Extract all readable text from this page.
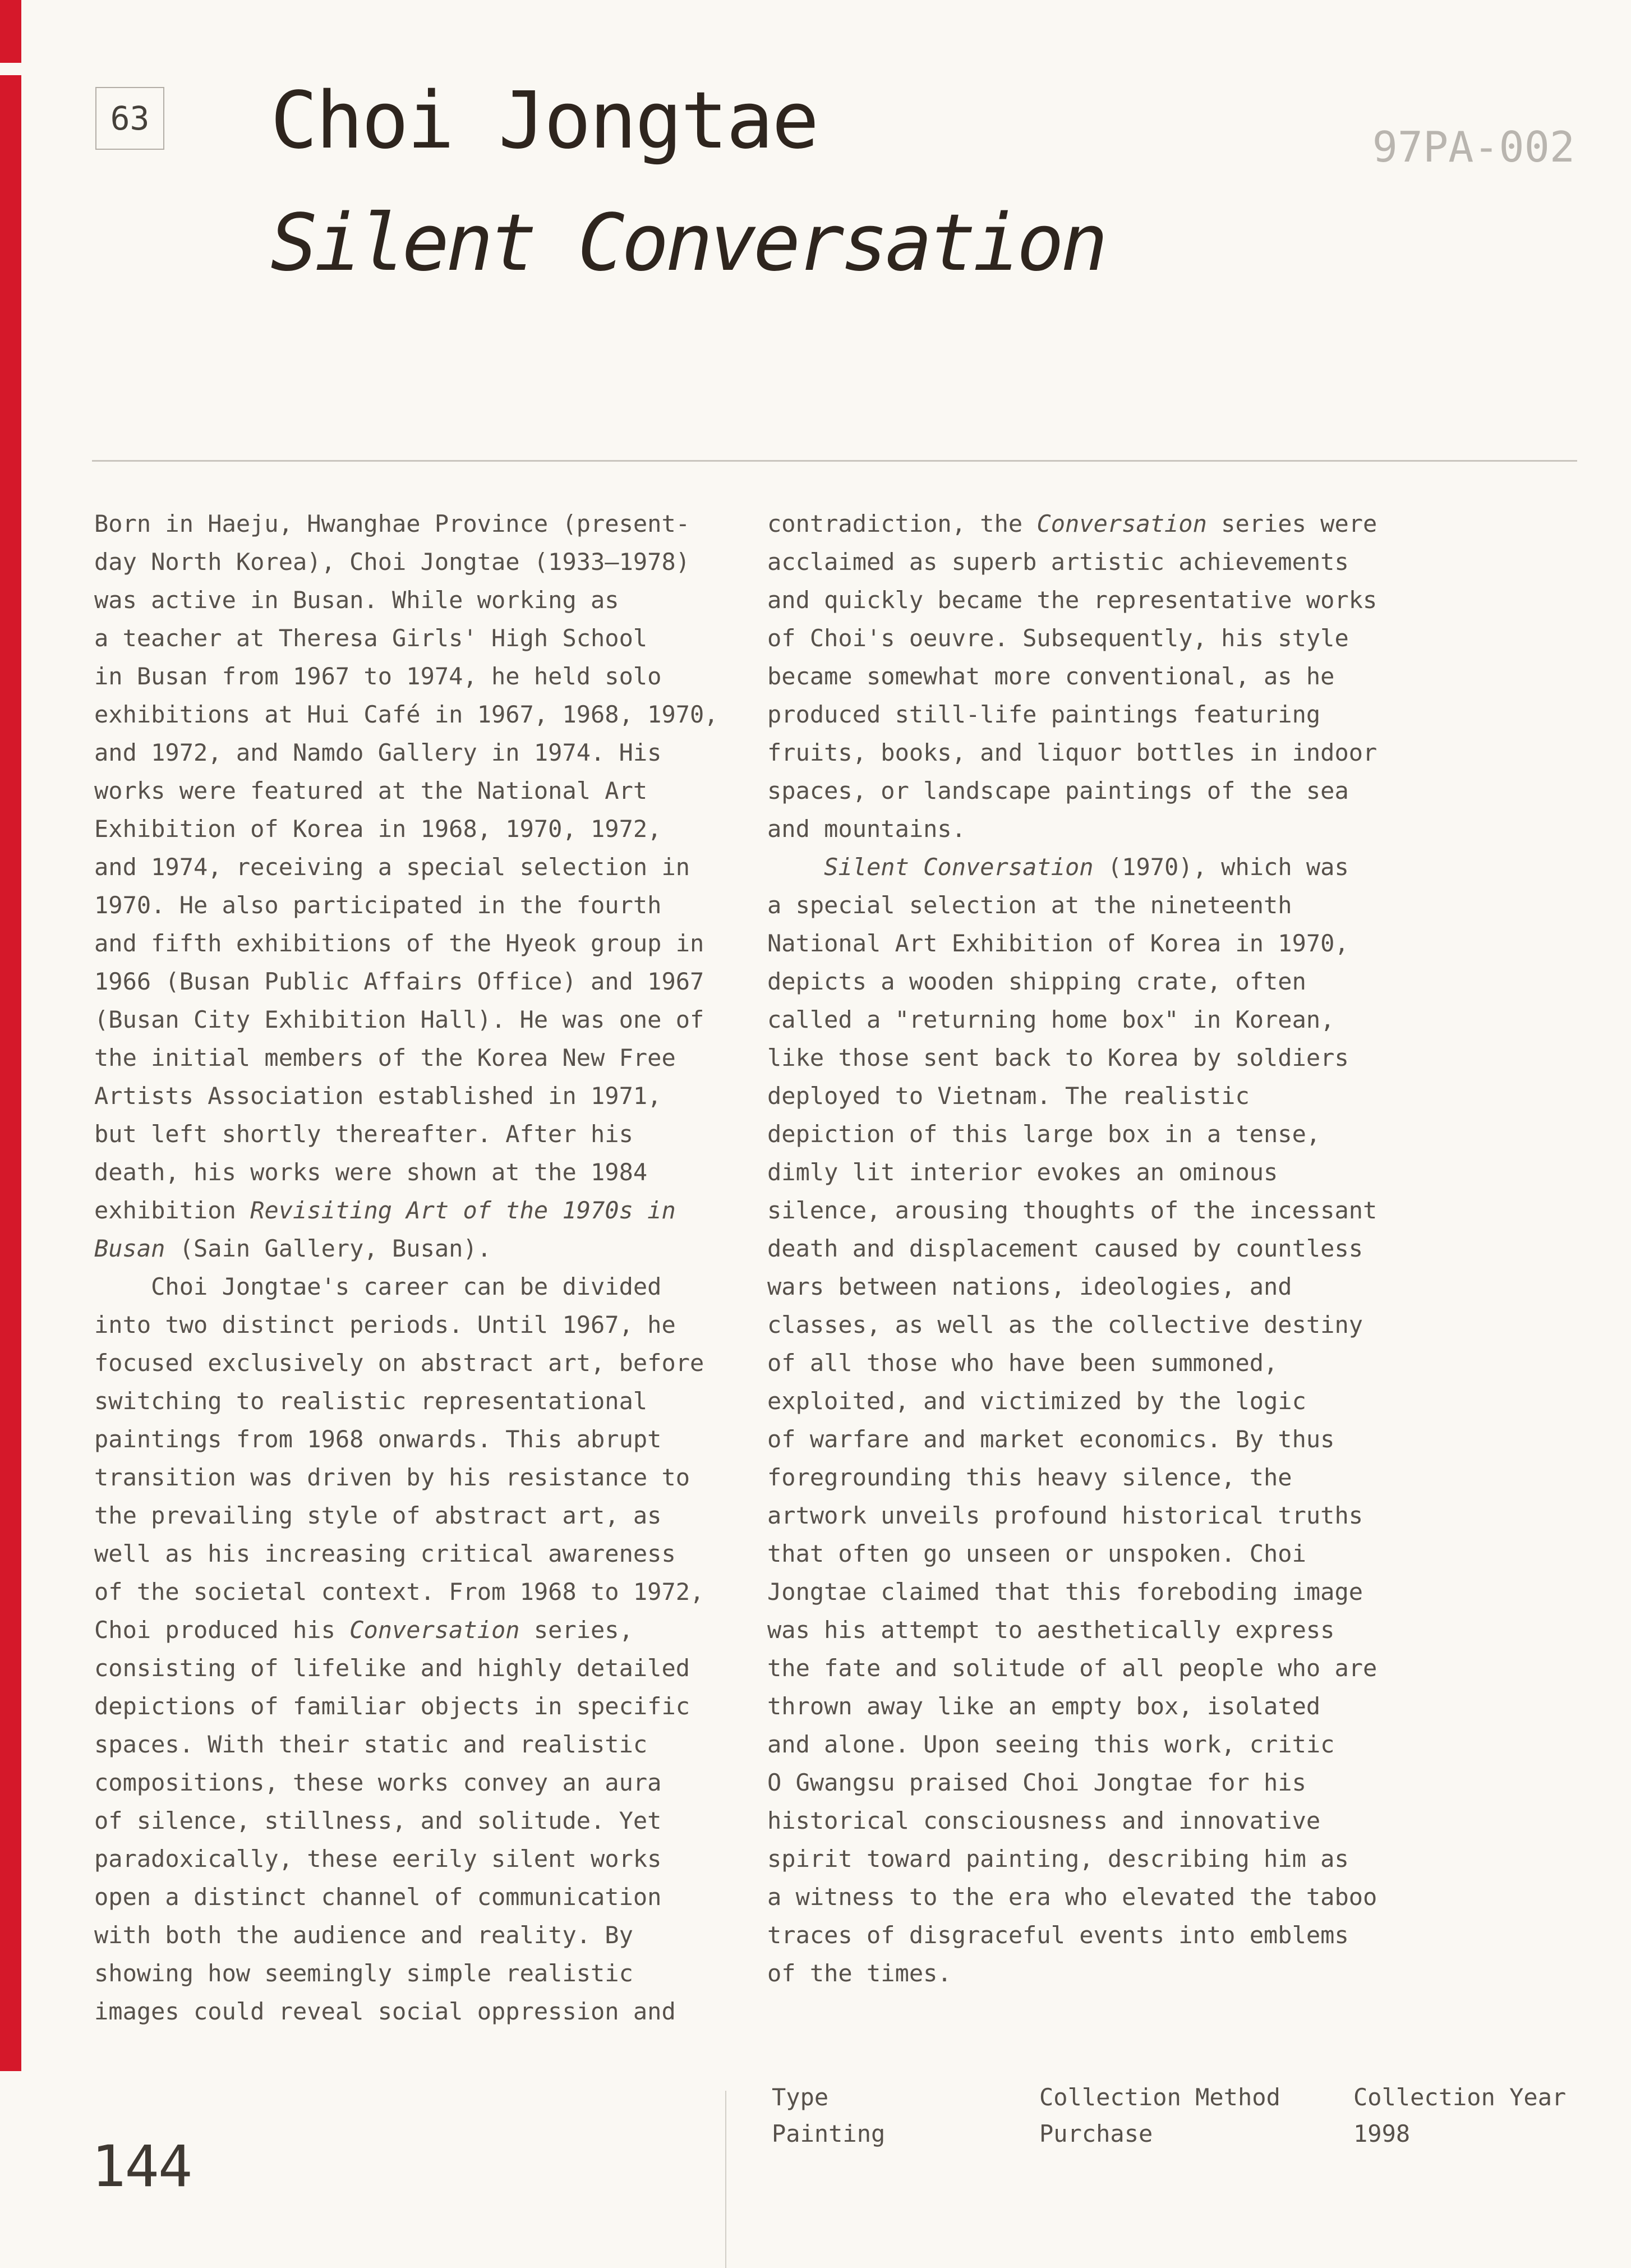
63 Choi Jongtae	97PA-002
Silent Conversation
Born in Haeju, Hwanghae Province (present-
day North Korea), Choi Jongtae (1933–1978)
was active in Busan. While working as
a teacher at Theresa Girls' High School
in Busan from 1967 to 1974, he held solo
exhibitions at Hui Café in 1967, 1968, 1970,
and 1972, and Namdo Gallery in 1974. His
works were featured at the National Art
Exhibition of Korea in 1968, 1970, 1972,
and 1974, receiving a special selection in
1970. He also participated in the fourth
and fifth exhibitions of the Hyeok group in
1966 (Busan Public Affairs Office) and 1967
(Busan City Exhibition Hall). He was one of
the initial members of the Korea New Free
Artists Association established in 1971,
but left shortly thereafter. After his
death, his works were shown at the 1984
exhibition Revisiting Art of the 1970s in
Busan (Sain Gallery, Busan).
Choi Jongtae's career can be divided
into two distinct periods. Until 1967, he
focused exclusively on abstract art, before
switching to realistic representational
paintings from 1968 onwards. This abrupt
transition was driven by his resistance to
the prevailing style of abstract art, as
well as his increasing critical awareness
of the societal context. From 1968 to 1972,
Choi produced his Conversation series,
consisting of lifelike and highly detailed
depictions of familiar objects in specific
spaces. With their static and realistic
compositions, these works convey an aura
of silence, stillness, and solitude. Yet
paradoxically, these eerily silent works
open a distinct channel of communication
with both the audience and reality. By
showing how seemingly simple realistic
images could reveal social oppression and
contradiction, the Conversation series were
acclaimed as superb artistic achievements
and quickly became the representative works
of Choi's oeuvre. Subsequently, his style
became somewhat more conventional, as he
produced still-life paintings featuring
fruits, books, and liquor bottles in indoor
spaces, or landscape paintings of the sea
and mountains.
Silent Conversation (1970), which was
a special selection at the nineteenth
National Art Exhibition of Korea in 1970,
depicts a wooden shipping crate, often
called a "returning home box" in Korean,
like those sent back to Korea by soldiers
deployed to Vietnam. The realistic
depiction of this large box in a tense,
dimly lit interior evokes an ominous
silence, arousing thoughts of the incessant
death and displacement caused by countless
wars between nations, ideologies, and
classes, as well as the collective destiny
of all those who have been summoned,
exploited, and victimized by the logic
of warfare and market economics. By thus
foregrounding this heavy silence, the
artwork unveils profound historical truths
that often go unseen or unspoken. Choi
Jongtae claimed that this foreboding image
was his attempt to aesthetically express
the fate and solitude of all people who are
thrown away like an empty box, isolated
and alone. Upon seeing this work, critic
O Gwangsu praised Choi Jongtae for his
historical consciousness and innovative
spirit toward painting, describing him as
a witness to the era who elevated the taboo
traces of disgraceful events into emblems
of the times.
Type
Painting
Collection Method
Purchase
Collection Year
1998
144
